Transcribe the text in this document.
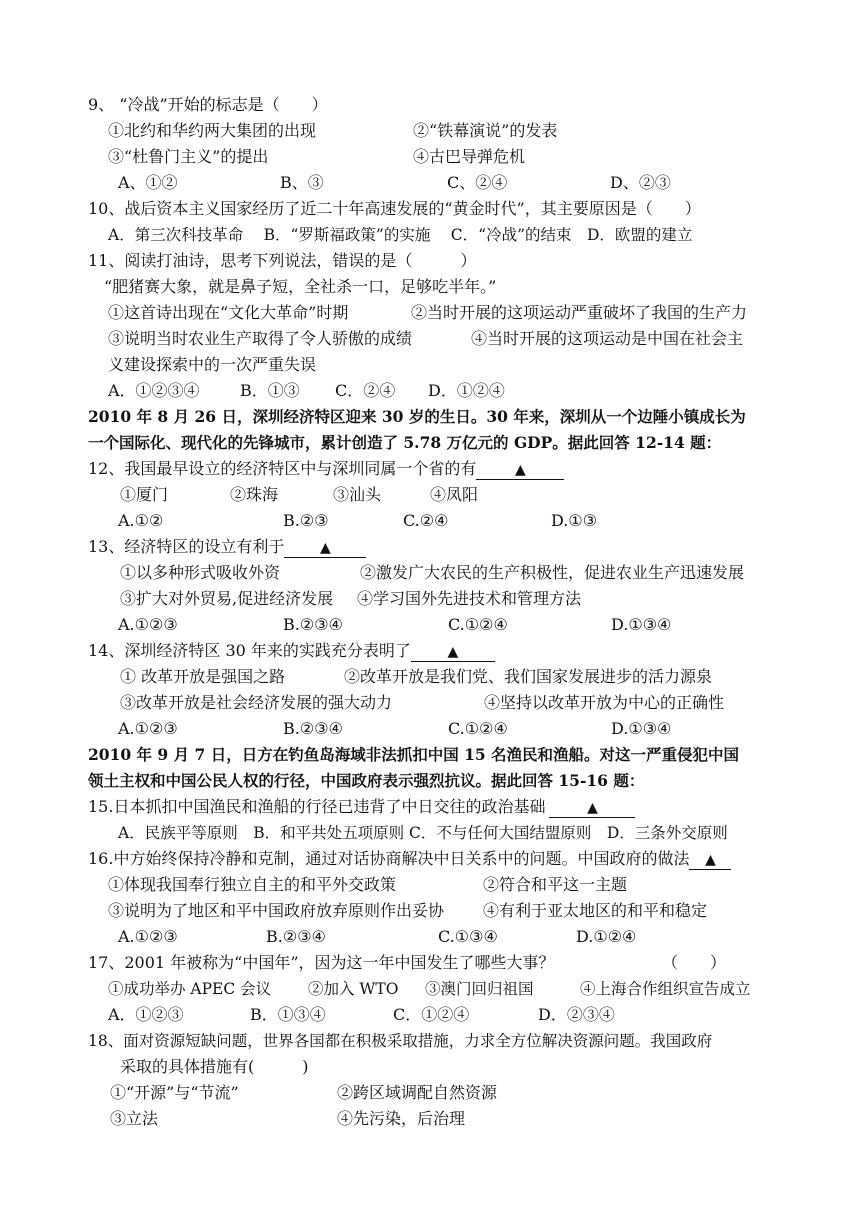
9、 “冷战”开始的标志是（　　）
①北约和华约两大集团的出现	②“铁幕演说”的发表
③“杜鲁门主义”的提出	④古巴导弹危机
A、①②	B、③	C、②④	D、②③
10、战后资本主义国家经历了近二十年高速发展的“黄金时代”，其主要原因是（　　）
A．第三次科技革命　 B．“罗斯福政策”的实施　 C．“冷战”的结束　D．欧盟的建立
11、阅读打油诗，思考下列说法，错误的是（　　　）
“肥猪赛大象，就是鼻子短，全社杀一口，足够吃半年。”
①这首诗出现在“文化大革命”时期	②当时开展的这项运动严重破坏了我国的生产力
③说明当时农业生产取得了令人骄傲的成绩	④当时开展的这项运动是中国在社会主
义建设探索中的一次严重失误
A．①②③④	B．①③ C．②④ D．①②④
2010 年 8 月 26 日，深圳经济特区迎来 30 岁的生日。30 年来，深圳从一个边陲小镇成长为
一个国际化、现代化的先锋城市，累计创造了 5.78 万亿元的 GDP。据此回答 12-14 题：
12、我国最早设立的经济特区中与深圳同属一个省的有	▲
①厦门	②珠海	③汕头	④凤阳
A.①②	B.②③	C.②④	D.①③
13、经济特区的设立有利于	▲
①以多种形式吸收外资	②激发广大农民的生产积极性，促进农业生产迅速发展
③扩大对外贸易,促进经济发展 ④学习国外先进技术和管理方法
A.①②③	B.②③④	C.①②④	D.①③④
14、深圳经济特区 30 年来的实践充分表明了	▲
① 改革开放是强国之路	②改革开放是我们党、我们国家发展进步的活力源泉
③改革开放是社会经济发展的强大动力	④坚持以改革开放为中心的正确性
A.①②③	B.②③④	C.①②④	D.①③④
2010 年 9 月 7 日，日方在钓鱼岛海域非法抓扣中国 15 名渔民和渔船。对这一严重侵犯中国
领土主权和中国公民人权的行径，中国政府表示强烈抗议。据此回答 15-16 题：
15.日本抓扣中国渔民和渔船的行径已违背了中日交往的政治基础	▲
A．民族平等原则　B．和平共处五项原则 C．不与任何大国结盟原则　D．三条外交原则
16.中方始终保持冷静和克制，通过对话协商解决中日关系中的问题。中国政府的做法 ▲
①体现我国奉行独立自主的和平外交政策	②符合和平这一主题
③说明为了地区和平中国政府放弃原则作出妥协 ④有利于亚太地区的和平和稳定
A.①②③	B.②③④	C.①③④	D.①②④
17、2001 年被称为“中国年”，因为这一年中国发生了哪些大事？	（　　）
①成功举办 APEC 会议 ②加入 WTO ③澳门回归祖国	④上海合作组织宣告成立
A．①②③	B．①③④	C．①②④	D．②③④
18、面对资源短缺问题，世界各国都在积极采取措施，力求全方位解决资源问题。我国政府
采取的具体措施有(　　　)
①“开源”与“节流”	②跨区域调配自然资源
③立法	④先污染，后治理
